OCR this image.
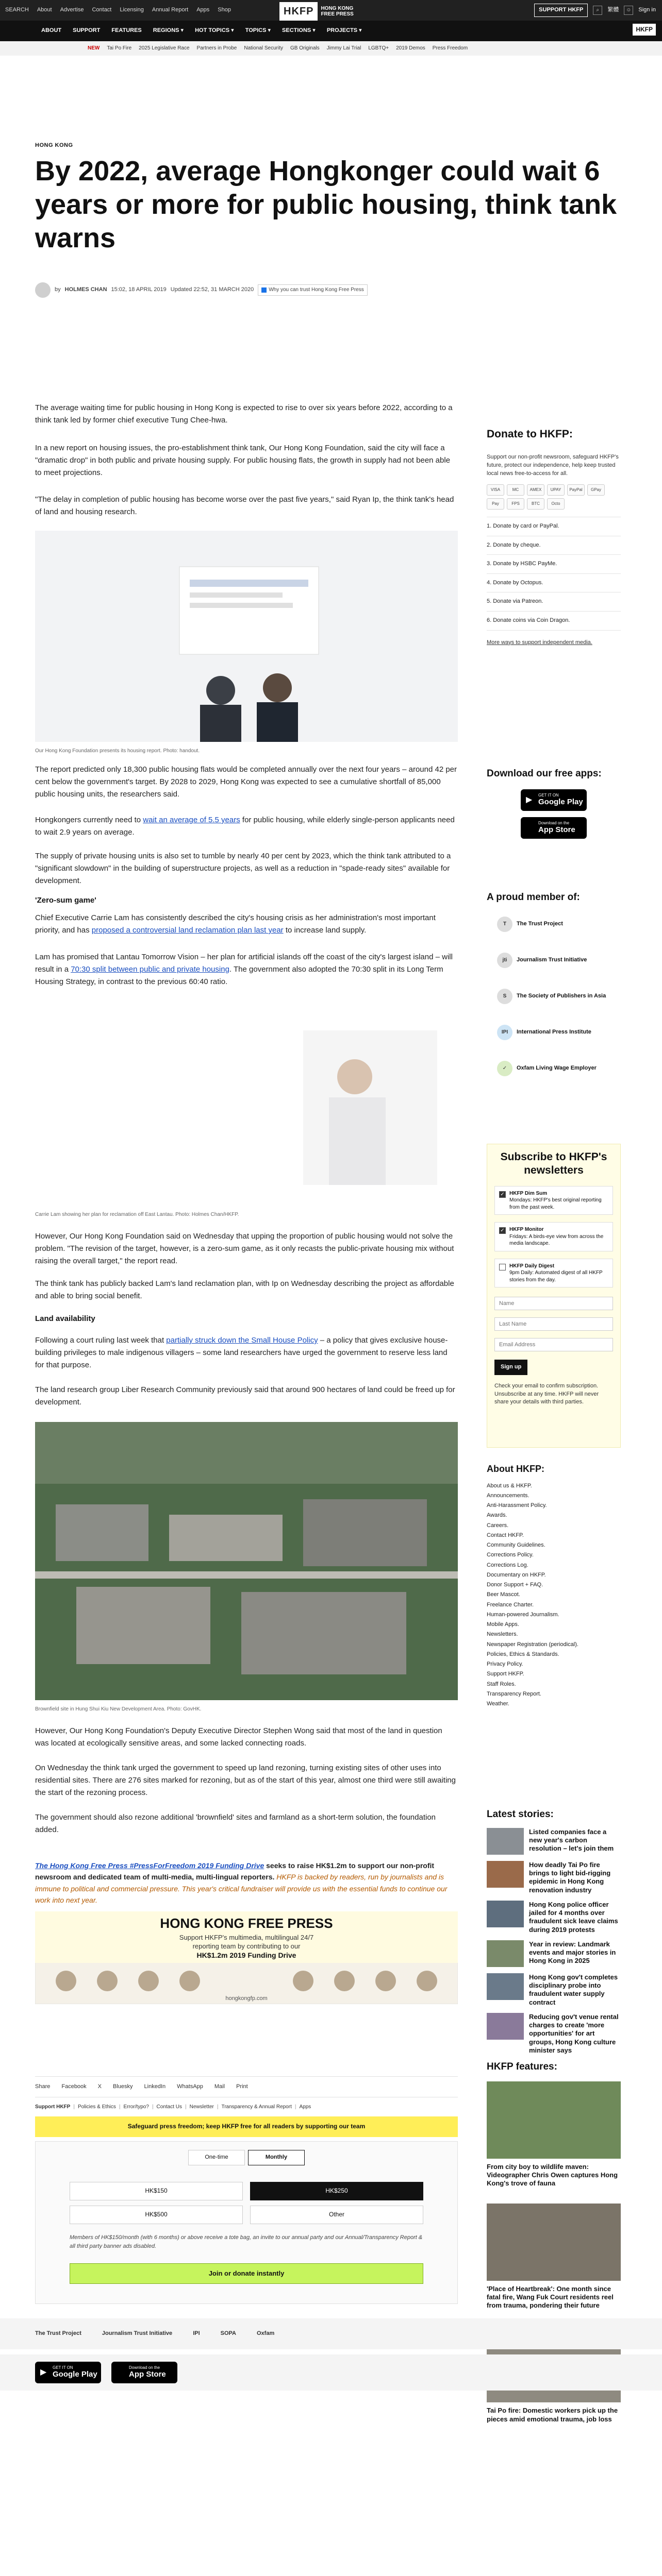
SEARCH About Advertise Contact Licensing Annual Report Apps Shop	HKFP	HONG KONG
FREE PRESS
SUPPORT HKFP	⌕	繁體	☺	Sign in
ABOUT SUPPORT FEATURES REGIONS ▾ HOT TOPICS ▾ TOPICS ▾ SECTIONS ▾ PROJECTS ▾	HKFP
NEW Tai Po Fire 2025 Legislative Race Partners in Probe National Security GB Originals Jimmy Lai Trial LGBTQ+ 2019 Demos Press Freedom
HONG KONG
By 2022, average Hongkonger could wait 6 years or more for public housing, think tank warns
by HOLMES CHAN 15:02, 18 APRIL 2019 Updated 22:52, 31 MARCH 2020	Why you can trust Hong Kong Free Press

The average waiting time for public housing in Hong Kong is expected to rise to over six years before 2022, according to a think tank led by former chief executive Tung Chee-hwa.

In a new report on housing issues, the pro-establishment think tank, Our Hong Kong Foundation, said the city will face a "dramatic drop" in both public and private housing supply. For public housing flats, the growth in supply had not been able to meet projections.

"The delay in completion of public housing has become worse over the past five years," said Ryan Ip, the think tank's head of land and housing research.

Our Hong Kong Foundation presents its housing report. Photo: handout.

The report predicted only 18,300 public housing flats would be completed annually over the next four years – around 42 per cent below the government's target. By 2028 to 2029, Hong Kong was expected to see a cumulative shortfall of 85,000 public housing units, the researchers said.

Hongkongers currently need to wait an average of 5.5 years for public housing, while elderly single-person applicants need to wait 2.9 years on average.

The supply of private housing units is also set to tumble by nearly 40 per cent by 2023, which the think tank attributed to a "significant slowdown" in the building of superstructure projects, as well as a reduction in "spade-ready sites" available for development.

'Zero-sum game'

Chief Executive Carrie Lam has consistently described the city's housing crisis as her administration's most important priority, and has proposed a controversial land reclamation plan last year to increase land supply.

Lam has promised that Lantau Tomorrow Vision – her plan for artificial islands off the coast of the city's largest island – will result in a 70:30 split between public and private housing. The government also adopted the 70:30 split in its Long Term Housing Strategy, in contrast to the previous 60:40 ratio.

Carrie Lam showing her plan for reclamation off East Lantau. Photo: Holmes Chan/HKFP.

However, Our Hong Kong Foundation said on Wednesday that upping the proportion of public housing would not solve the problem. "The revision of the target, however, is a zero-sum game, as it only recasts the public-private housing mix without raising the overall target," the report read.

The think tank has publicly backed Lam's land reclamation plan, with Ip on Wednesday describing the project as affordable and able to bring social benefit.

Land availability

Following a court ruling last week that partially struck down the Small House Policy – a policy that gives exclusive house-building privileges to male indigenous villagers – some land researchers have urged the government to reserve less land for that purpose.

The land research group Liber Research Community previously said that around 900 hectares of land could be freed up for development.

Brownfield site in Hung Shui Kiu New Development Area. Photo: GovHK.

However, Our Hong Kong Foundation's Deputy Executive Director Stephen Wong said that most of the land in question was located at ecologically sensitive areas, and some lacked connecting roads.

On Wednesday the think tank urged the government to speed up land rezoning, turning existing sites of other uses into residential sites. There are 276 sites marked for rezoning, but as of the start of this year, almost one third were still awaiting the start of the rezoning process.

The government should also rezone additional 'brownfield' sites and farmland as a short-term solution, the foundation added.

The Hong Kong Free Press #PressForFreedom 2019 Funding Drive seeks to raise HK$1.2m to support our non-profit newsroom and dedicated team of multi-media, multi-lingual reporters. HKFP is backed by readers, run by journalists and is immune to political and commercial pressure. This year's critical fundraiser will provide us with the essential funds to continue our work into next year.

HONG KONG FREE PRESS
Support HKFP's multimedia, multilingual 24/7
reporting team by contributing to our
HK$1.2m 2019 Funding Drive
hongkongfp.com
Share Facebook X Bluesky LinkedIn WhatsApp Mail Print
Support HKFP | Policies & Ethics | Error/typo? | Contact Us | Newsletter | Transparency & Annual Report | Apps
Safeguard press freedom; keep HKFP free for all readers by supporting our team
One-time	Monthly
HK$150	HK$250
HK$500	Other

Members of HK$150/month (with 6 months) or above receive a tote bag, an invite to our annual party and our Annual/Transparency Report & all third party banner ads disabled.

Join or donate instantly
Donate to HKFP:

Support our non-profit newsroom, safeguard HKFP's future, protect our independence, help keep trusted local news free-to-access for all.

VISA	MC	AMEX	UPAY	PayPal	GPay
Pay	FPS	BTC	Octo
1. Donate by card or PayPal.
2. Donate by cheque.
3. Donate by HSBC PayMe.
4. Donate by Octopus.
5. Donate via Patreon.
6. Donate coins via Coin Dragon.
More ways to support independent media.
Download our free apps:
▶
GET IT ON
Google Play
Download on the
App Store
A proud member of:
T	The Trust Project
jti	Journalism Trust Initiative
S	The Society of Publishers in Asia
IPI	International Press Institute
✓	Oxfam Living Wage Employer
Subscribe to HKFP's newsletters
✓ HKFP Dim Sum
Mondays: HKFP's best original reporting from the past week.
✓ HKFP Monitor
Fridays: A birds-eye view from across the media landscape.
HKFP Daily Digest
9pm Daily: Automated digest of all HKFP stories from the day.
Name Last Name Email Address Sign up

Check your email to confirm subscription. Unsubscribe at any time. HKFP will never share your details with third parties.

About HKFP:
About us & HKFP.
Announcements.
Anti-Harassment Policy.
Awards.
Careers.
Contact HKFP.
Community Guidelines.
Corrections Policy.
Corrections Log.
Documentary on HKFP.
Donor Support + FAQ.
Beer Mascot.
Freelance Charter.
Human-powered Journalism.
Mobile Apps.
Newsletters.
Newspaper Registration (periodical).
Policies, Ethics & Standards.
Privacy Policy.
Support HKFP.
Staff Roles.
Transparency Report.
Weather.
Latest stories:
Listed companies face a new year's carbon resolution – let's join them
How deadly Tai Po fire brings to light bid-rigging epidemic in Hong Kong renovation industry
Hong Kong police officer jailed for 4 months over fraudulent sick leave claims during 2019 protests
Year in review: Landmark events and major stories in Hong Kong in 2025
Hong Kong gov't completes disciplinary probe into fraudulent water supply contract
Reducing gov't venue rental charges to create 'more opportunities' for art groups, Hong Kong culture minister says
HKFP features:
From city boy to wildlife maven: Videographer Chris Owen captures Hong Kong's trove of fauna
'Place of Heartbreak': One month since fatal fire, Wang Fuk Court residents reel from trauma, pondering their future
Tai Po fire: Domestic workers pick up the pieces amid emotional trauma, job loss
The Trust Project	Journalism Trust Initiative	IPI	SOPA	Oxfam
▶
GET IT ON
Google Play
Download on the
App Store
